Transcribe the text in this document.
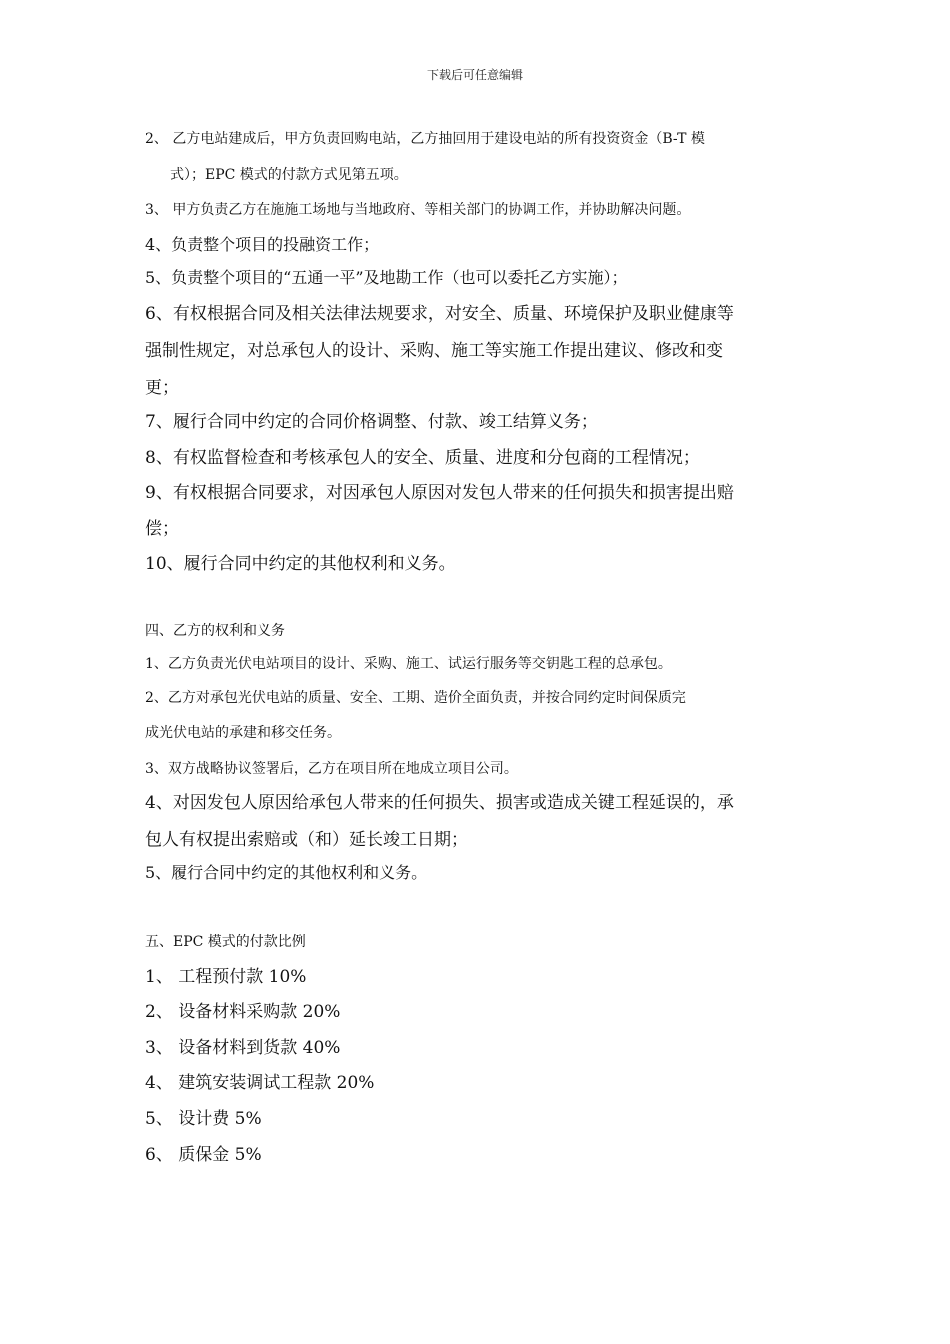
下载后可任意编辑
2、 乙方电站建成后，甲方负责回购电站，乙方抽回用于建设电站的所有投资资金（B-T 模
式）；EPC 模式的付款方式见第五项。
3、 甲方负责乙方在施施工场地与当地政府、等相关部门的协调工作，并协助解决问题。
4、负责整个项目的投融资工作；
5、负责整个项目的“五通一平”及地勘工作（也可以委托乙方实施）；
6、有权根据合同及相关法律法规要求，对安全、质量、环境保护及职业健康等
强制性规定，对总承包人的设计、采购、施工等实施工作提出建议、修改和变
更；
7、履行合同中约定的合同价格调整、付款、竣工结算义务；
8、有权监督检查和考核承包人的安全、质量、进度和分包商的工程情况；
9、有权根据合同要求，对因承包人原因对发包人带来的任何损失和损害提出赔
偿；
10、履行合同中约定的其他权利和义务。
四、乙方的权利和义务
1、乙方负责光伏电站项目的设计、采购、施工、试运行服务等交钥匙工程的总承包。
2、乙方对承包光伏电站的质量、安全、工期、造价全面负责，并按合同约定时间保质完
成光伏电站的承建和移交任务。
3、双方战略协议签署后，乙方在项目所在地成立项目公司。
4、对因发包人原因给承包人带来的任何损失、损害或造成关键工程延误的，承
包人有权提出索赔或（和）延长竣工日期；
5、履行合同中约定的其他权利和义务。
五、EPC 模式的付款比例
1、 工程预付款 10%
2、 设备材料采购款 20%
3、 设备材料到货款 40%
4、 建筑安装调试工程款 20%
5、 设计费 5%
6、 质保金 5%
